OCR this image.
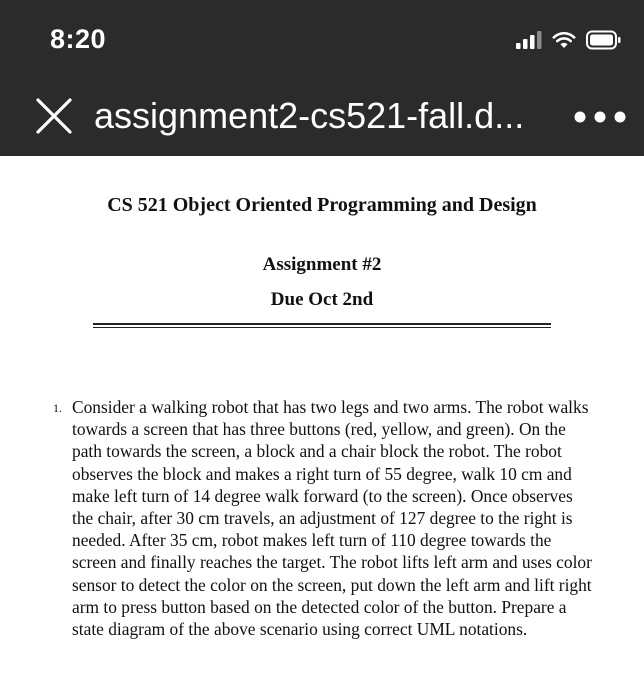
8:20
assignment2-cs521-fall.d...
CS 521 Object Oriented Programming and Design
Assignment #2
Due Oct 2nd
1. Consider a walking robot that has two legs and two arms. The robot walks towards a screen that has three buttons (red, yellow, and green). On the path towards the screen, a block and a chair block the robot. The robot observes the block and makes a right turn of 55 degree, walk 10 cm and make left turn of 14 degree walk forward (to the screen). Once observes the chair, after 30 cm travels, an adjustment of 127 degree to the right is needed. After 35 cm, robot makes left turn of 110 degree towards the screen and finally reaches the target. The robot lifts left arm and uses color sensor to detect the color on the screen, put down the left arm and lift right arm to press button based on the detected color of the button. Prepare a state diagram of the above scenario using correct UML notations.
